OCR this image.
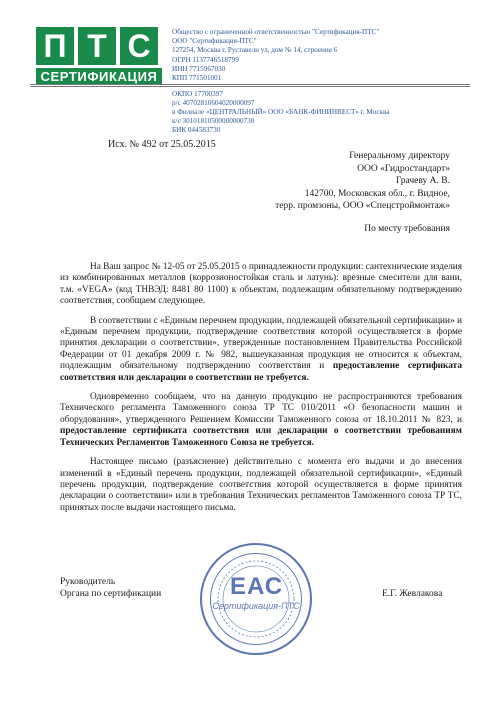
П Т С
СЕРТИФИКАЦИЯ
Общество с ограниченной ответственностью "Сертификация-ПТС"
ООО "Сертификация-ПТС"
127254, Москва г, Руставели ул, дом № 14, строение 6
ОГРН 1137746518799
ИНН 7715967030
КПП 771501001
ОКПО 17700397
р/с 40702810604020000097
в Филиале «ЦЕНТРАЛЬНЫЙ» ООО «БАНК-ФИНИНВЕСТ» г. Москва
к/с 30101810500000000730
БИК 044583730
Исх. № 492 от 25.05.2015
Генеральному директору
ООО «Гидростандарт»
Грачеву А. В.
142700, Московская обл., г. Видное,
терр. промзоны, ООО «Спецстроймонтаж»
По месту требования

На Ваш запрос № 12-05 от 25.05.2015 о принадлежности продукции: сантехнические изделия из комбинированных металлов (коррозионостойкая сталь и латунь): врезные смесители для вани, т.м. «VEGA» (код ТНВЭД: 8481 80 1100) к объектам, подлежащим обязательному подтверждению соответствия, сообщаем следующее.

В соответствии с «Единым перечнем продукции, подлежащей обязательной сертификации» и «Единым перечнем продукции, подтверждение соответствия которой осуществляется в форме принятия декларации о соответствии», утвержденные постановлением Правительства Российской Федерации от 01 декабря 2009 г. № 982, вышеуказанная продукция не относится к объектам, подлежащим обязательному подтверждению соответствия и предоставление сертификата соответствия или декларации о соответствии не требуется.

Одновременно сообщаем, что на данную продукцию не распространяются требования Технического регламента Таможенного союза ТР ТС 010/2011 «О безопасности машин и оборудования», утвержденного Решением Комиссии Таможенного союза от 18.10.2011 № 823, и предоставление сертификата соответствия или декларации о соответствии требованиям Технических Регламентов Таможенного Союза не требуется.

Настоящее письмо (разъяснение) действительно с момента его выдачи и до внесения изменений в «Единый перечень продукции, подлежащей обязательной сертификации», «Единый перечень продукции, подтверждение соответствия которой осуществляется в форме принятия декларации о соответствии» или в требования Технических регламентов Таможенного союза ТР ТС, принятых после выдачи настоящего письма.

ЕАС
Сертификация-ПТС
Руководитель
Органа по сертификации	Е.Г. Жевлакова
